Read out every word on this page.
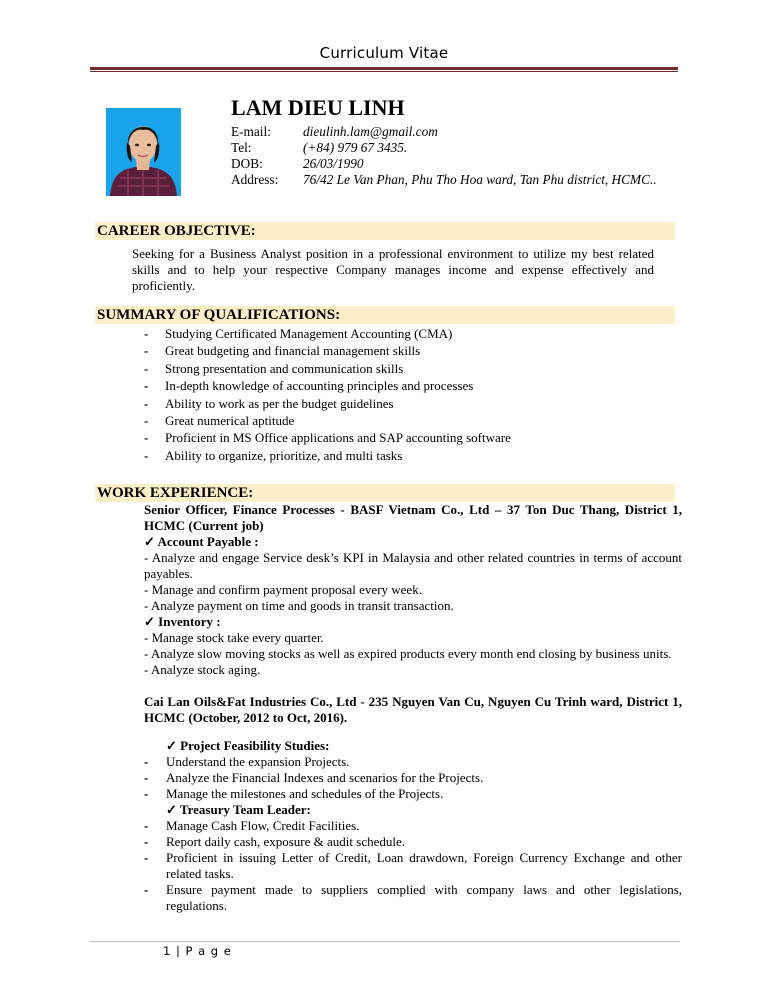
Curriculum Vitae
LAM DIEU LINH
E-mail:	dieulinh.lam@gmail.com
Tel:	(+84) 979 67 3435.
DOB:	26/03/1990
Address:	76/42 Le Van Phan, Phu Tho Hoa ward, Tan Phu district, HCMC..
CAREER OBJECTIVE:
Seeking for a Business Analyst position in a professional environment to utilize my best related skills and to help your respective Company manages income and expense effectively and proficiently.
SUMMARY OF QUALIFICATIONS:
-	Studying Certificated Management Accounting (CMA)
-	Great budgeting and financial management skills
-	Strong presentation and communication skills
-	In-depth knowledge of accounting principles and processes
-	Ability to work as per the budget guidelines
-	Great numerical aptitude
-	Proficient in MS Office applications and SAP accounting software
-	Ability to organize, prioritize, and multi tasks
WORK EXPERIENCE:
Senior Officer, Finance Processes - BASF Vietnam Co., Ltd – 37 Ton Duc Thang, District 1, HCMC (Current job)
✓ Account Payable :
- Analyze and engage Service desk’s KPI in Malaysia and other related countries in terms of account payables.
- Manage and confirm payment proposal every week.
- Analyze payment on time and goods in transit transaction.
✓ Inventory :
- Manage stock take every quarter.
- Analyze slow moving stocks as well as expired products every month end closing by business units.
- Analyze stock aging.
Cai Lan Oils&Fat Industries Co., Ltd - 235 Nguyen Van Cu, Nguyen Cu Trinh ward, District 1, HCMC (October, 2012 to Oct, 2016).
✓ Project Feasibility Studies:
-	Understand the expansion Projects.
-	Analyze the Financial Indexes and scenarios for the Projects.
-	Manage the milestones and schedules of the Projects.
✓ Treasury Team Leader:
-	Manage Cash Flow, Credit Facilities.
-	Report daily cash, exposure & audit schedule.
-	Proficient in issuing Letter of Credit, Loan drawdown, Foreign Currency Exchange and other related tasks.
-	Ensure payment made to suppliers complied with company laws and other legislations, regulations.
1 | P a g e
